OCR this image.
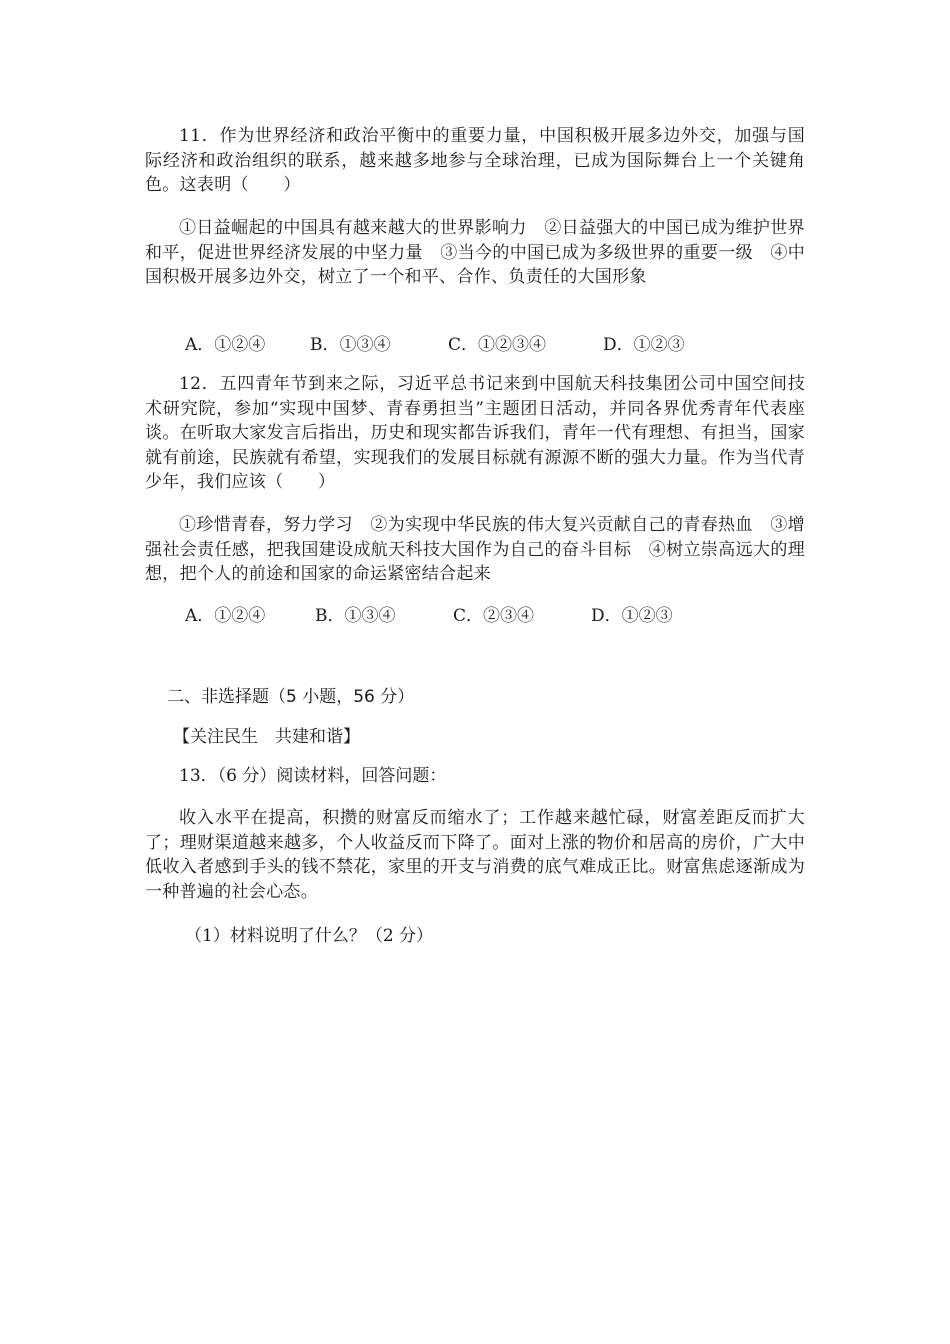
11．作为世界经济和政治平衡中的重要力量，中国积极开展多边外交，加强与国际经济和政治组织的联系，越来越多地参与全球治理，已成为国际舞台上一个关键角色。这表明（　　）

①日益崛起的中国具有越来越大的世界影响力　②日益强大的中国已成为维护世界和平，促进世界经济发展的中坚力量　③当今的中国已成为多级世界的重要一级　④中国积极开展多边外交，树立了一个和平、合作、负责任的大国形象

A．①②④	B．①③④	C．①②③④	D．①②③

12．五四青年节到来之际，习近平总书记来到中国航天科技集团公司中国空间技术研究院，参加“实现中国梦、青春勇担当”主题团日活动，并同各界优秀青年代表座谈。在听取大家发言后指出，历史和现实都告诉我们，青年一代有理想、有担当，国家就有前途，民族就有希望，实现我们的发展目标就有源源不断的强大力量。作为当代青少年，我们应该（　　）

①珍惜青春，努力学习　②为实现中华民族的伟大复兴贡献自己的青春热血　③增强社会责任感，把我国建设成航天科技大国作为自己的奋斗目标　④树立崇高远大的理想，把个人的前途和国家的命运紧密结合起来

A．①②④	B．①③④	C．②③④	D．①②③

二、非选择题（5 小题，56 分）

【关注民生　共建和谐】

13．（6 分）阅读材料，回答问题：

收入水平在提高，积攒的财富反而缩水了；工作越来越忙碌，财富差距反而扩大了；理财渠道越来越多，个人收益反而下降了。面对上涨的物价和居高的房价，广大中低收入者感到手头的钱不禁花，家里的开支与消费的底气难成正比。财富焦虑逐渐成为一种普遍的社会心态。

（1）材料说明了什么？（2 分）
